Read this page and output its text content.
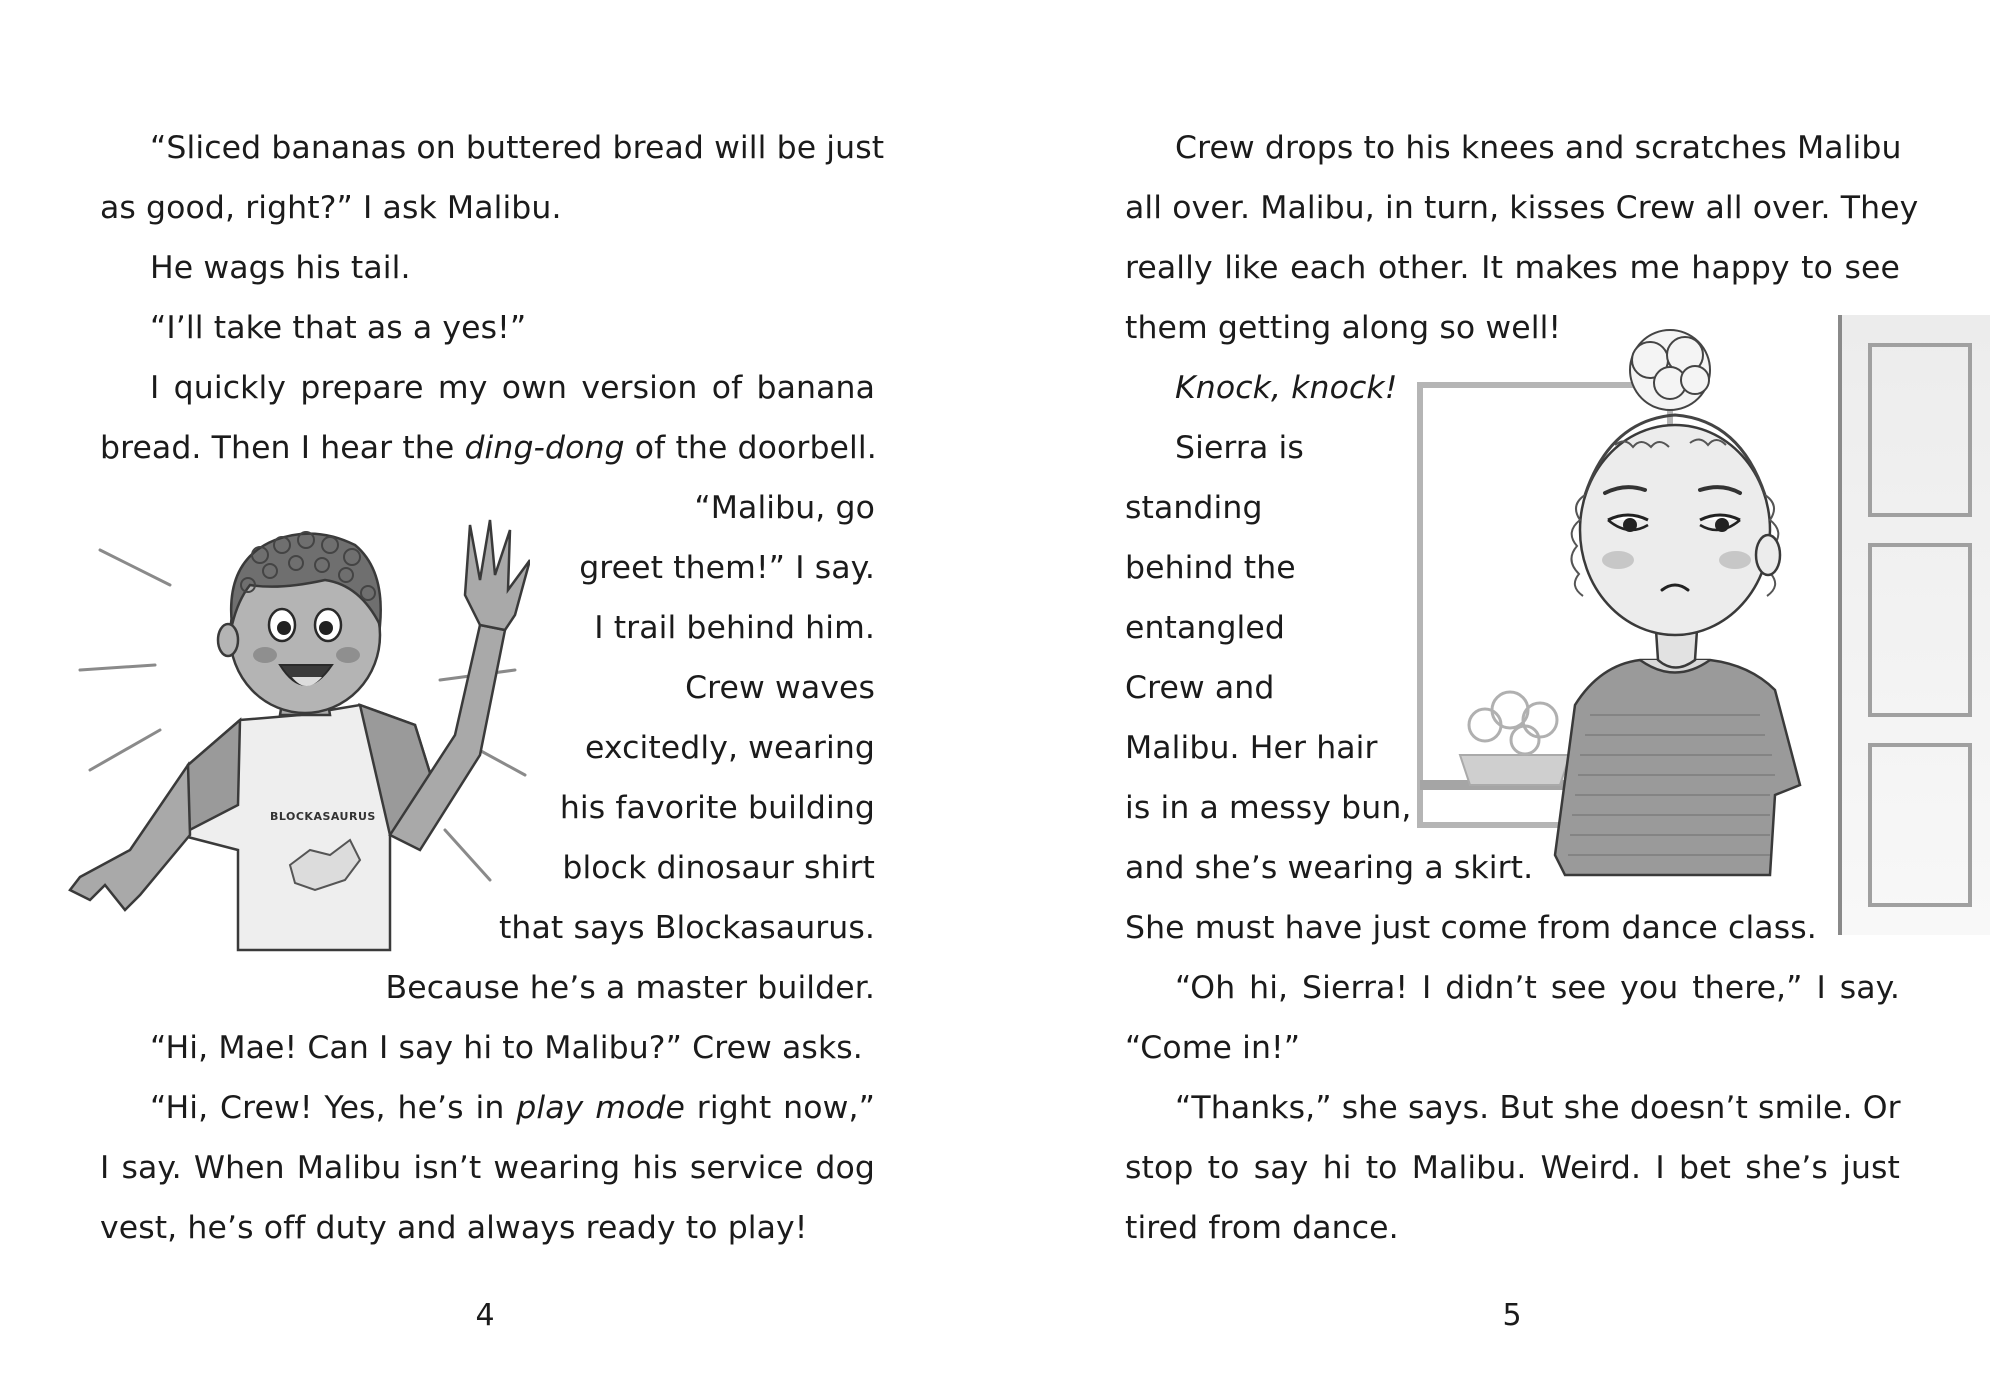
“Sliced bananas on buttered bread will be just
as good, right?” I ask Malibu.
He wags his tail.
“I’ll take that as a yes!”
I quickly prepare my own version of banana
bread. Then I hear the ding-dong of the doorbell.
“Malibu, go
greet them!” I say.
I trail behind him.
Crew waves
excitedly, wearing
his favorite building
block dinosaur shirt
that says Blockasaurus.
Because he’s a master builder.
“Hi, Mae! Can I say hi to Malibu?” Crew asks.
“Hi, Crew! Yes, he’s in play mode right now,”
I say. When Malibu isn’t wearing his service dog
vest, he’s off duty and always ready to play!
BLOCKASAURUS
4
Crew drops to his knees and scratches Malibu
all over. Malibu, in turn, kisses Crew all over. They
really like each other. It makes me happy to see
them getting along so well!
Knock, knock!
Sierra is
standing
behind the
entangled
Crew and
Malibu. Her hair
is in a messy bun,
and she’s wearing a skirt.
She must have just come from dance class.
“Oh hi, Sierra! I didn’t see you there,” I say.
“Come in!”
“Thanks,” she says. But she doesn’t smile. Or
stop to say hi to Malibu. Weird. I bet she’s just
tired from dance.
5
